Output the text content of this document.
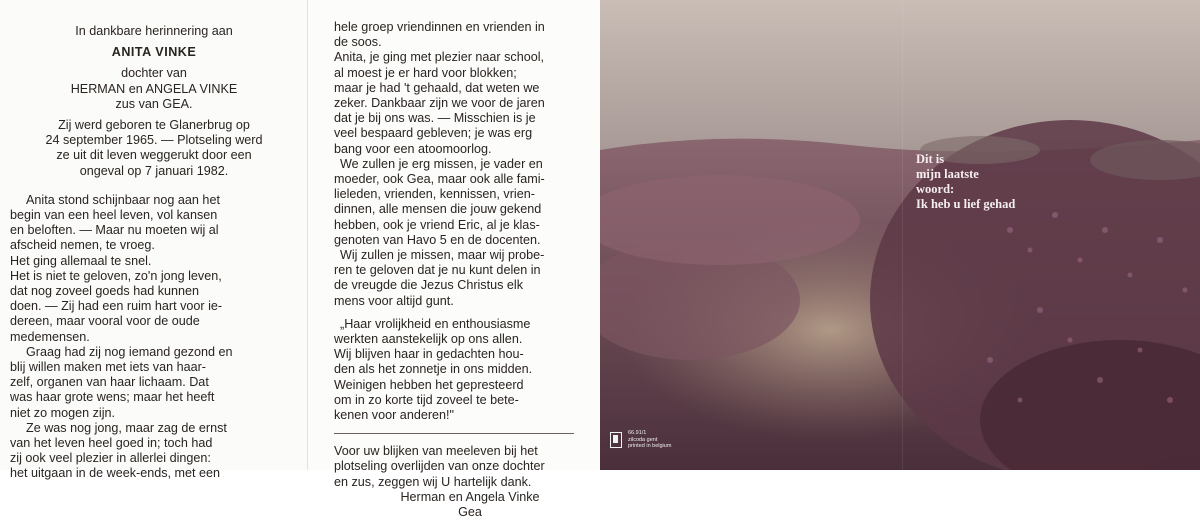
In dankbare herinnering aan

ANITA VINKE

dochter van

HERMAN en ANGELA VINKE

zus van GEA.

Zij werd geboren te Glanerbrug op

24 september 1965. — Plotseling werd

ze uit dit leven weggerukt door een

ongeval op 7 januari 1982.

Anita stond schijnbaar nog aan het

begin van een heel leven, vol kansen

en beloften. — Maar nu moeten wij al

afscheid nemen, te vroeg.

Het ging allemaal te snel.

Het is niet te geloven, zo'n jong leven,

dat nog zoveel goeds had kunnen

doen. — Zij had een ruim hart voor ie-

dereen, maar vooral voor de oude

medemensen.

Graag had zij nog iemand gezond en

blij willen maken met iets van haar-

zelf, organen van haar lichaam. Dat

was haar grote wens; maar het heeft

niet zo mogen zijn.

Ze was nog jong, maar zag de ernst

van het leven heel goed in; toch had

zij ook veel plezier in allerlei dingen:

het uitgaan in de week-ends, met een

hele groep vriendinnen en vrienden in

de soos.

Anita, je ging met plezier naar school,

al moest je er hard voor blokken;

maar je had 't gehaald, dat weten we

zeker. Dankbaar zijn we voor de jaren

dat je bij ons was. — Misschien is je

veel bespaard gebleven; je was erg

bang voor een atoomoorlog.

We zullen je erg missen, je vader en

moeder, ook Gea, maar ook alle fami-

lieleden, vrienden, kennissen, vrien-

dinnen, alle mensen die jouw gekend

hebben, ook je vriend Eric, al je klas-

genoten van Havo 5 en de docenten.

Wij zullen je missen, maar wij probe-

ren te geloven dat je nu kunt delen in

de vreugde die Jezus Christus elk

mens voor altijd gunt.

„Haar vrolijkheid en enthousiasme

werkten aanstekelijk op ons allen.

Wij blijven haar in gedachten hou-

den als het zonnetje in ons midden.

Weinigen hebben het gepresteerd

om in zo korte tijd zoveel te bete-

kenen voor anderen!"

Voor uw blijken van meeleven bij het

plotseling overlijden van onze dochter

en zus, zeggen wij U hartelijk dank.

Herman en Angela Vinke

Gea

Dit is
mijn laatste
woord:
Ik heb u lief gehad
66.91/1
zilcoda gent
printed in belgium
